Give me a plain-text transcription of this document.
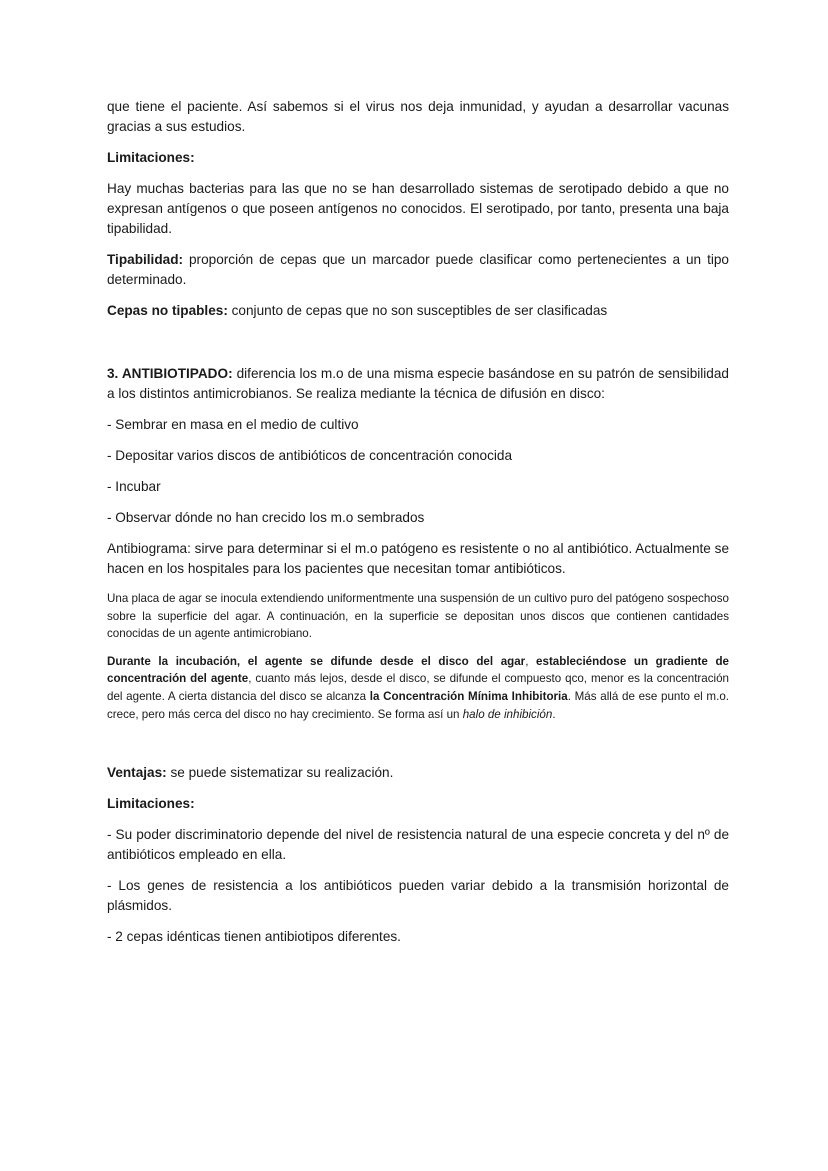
que tiene el paciente. Así sabemos si el virus nos deja inmunidad, y ayudan a desarrollar vacunas gracias a sus estudios.

Limitaciones:

Hay muchas bacterias para las que no se han desarrollado sistemas de serotipado debido a que no expresan antígenos o que poseen antígenos no conocidos. El serotipado, por tanto, presenta una baja tipabilidad.

Tipabilidad: proporción de cepas que un marcador puede clasificar como pertenecientes a un tipo determinado.

Cepas no tipables: conjunto de cepas que no son susceptibles de ser clasificadas

3. ANTIBIOTIPADO: diferencia los m.o de una misma especie basándose en su patrón de sensibilidad a los distintos antimicrobianos. Se realiza mediante la técnica de difusión en disco:

- Sembrar en masa en el medio de cultivo

- Depositar varios discos de antibióticos de concentración conocida

- Incubar

- Observar dónde no han crecido los m.o sembrados

Antibiograma: sirve para determinar si el m.o patógeno es resistente o no al antibiótico. Actualmente se hacen en los hospitales para los pacientes que necesitan tomar antibióticos.

Una placa de agar se inocula extendiendo uniformentmente una suspensión de un cultivo puro del patógeno sospechoso sobre la superficie del agar. A continuación, en la superficie se depositan unos discos que contienen cantidades conocidas de un agente antimicrobiano.

Durante la incubación, el agente se difunde desde el disco del agar, estableciéndose un gradiente de concentración del agente, cuanto más lejos, desde el disco, se difunde el compuesto qco, menor es la concentración del agente. A cierta distancia del disco se alcanza la Concentración Mínima Inhibitoria. Más allá de ese punto el m.o. crece, pero más cerca del disco no hay crecimiento. Se forma así un halo de inhibición.

Ventajas: se puede sistematizar su realización.

Limitaciones:

- Su poder discriminatorio depende del nivel de resistencia natural de una especie concreta y del nº de antibióticos empleado en ella.

- Los genes de resistencia a los antibióticos pueden variar debido a la transmisión horizontal de plásmidos.

- 2 cepas idénticas tienen antibiotipos diferentes.
